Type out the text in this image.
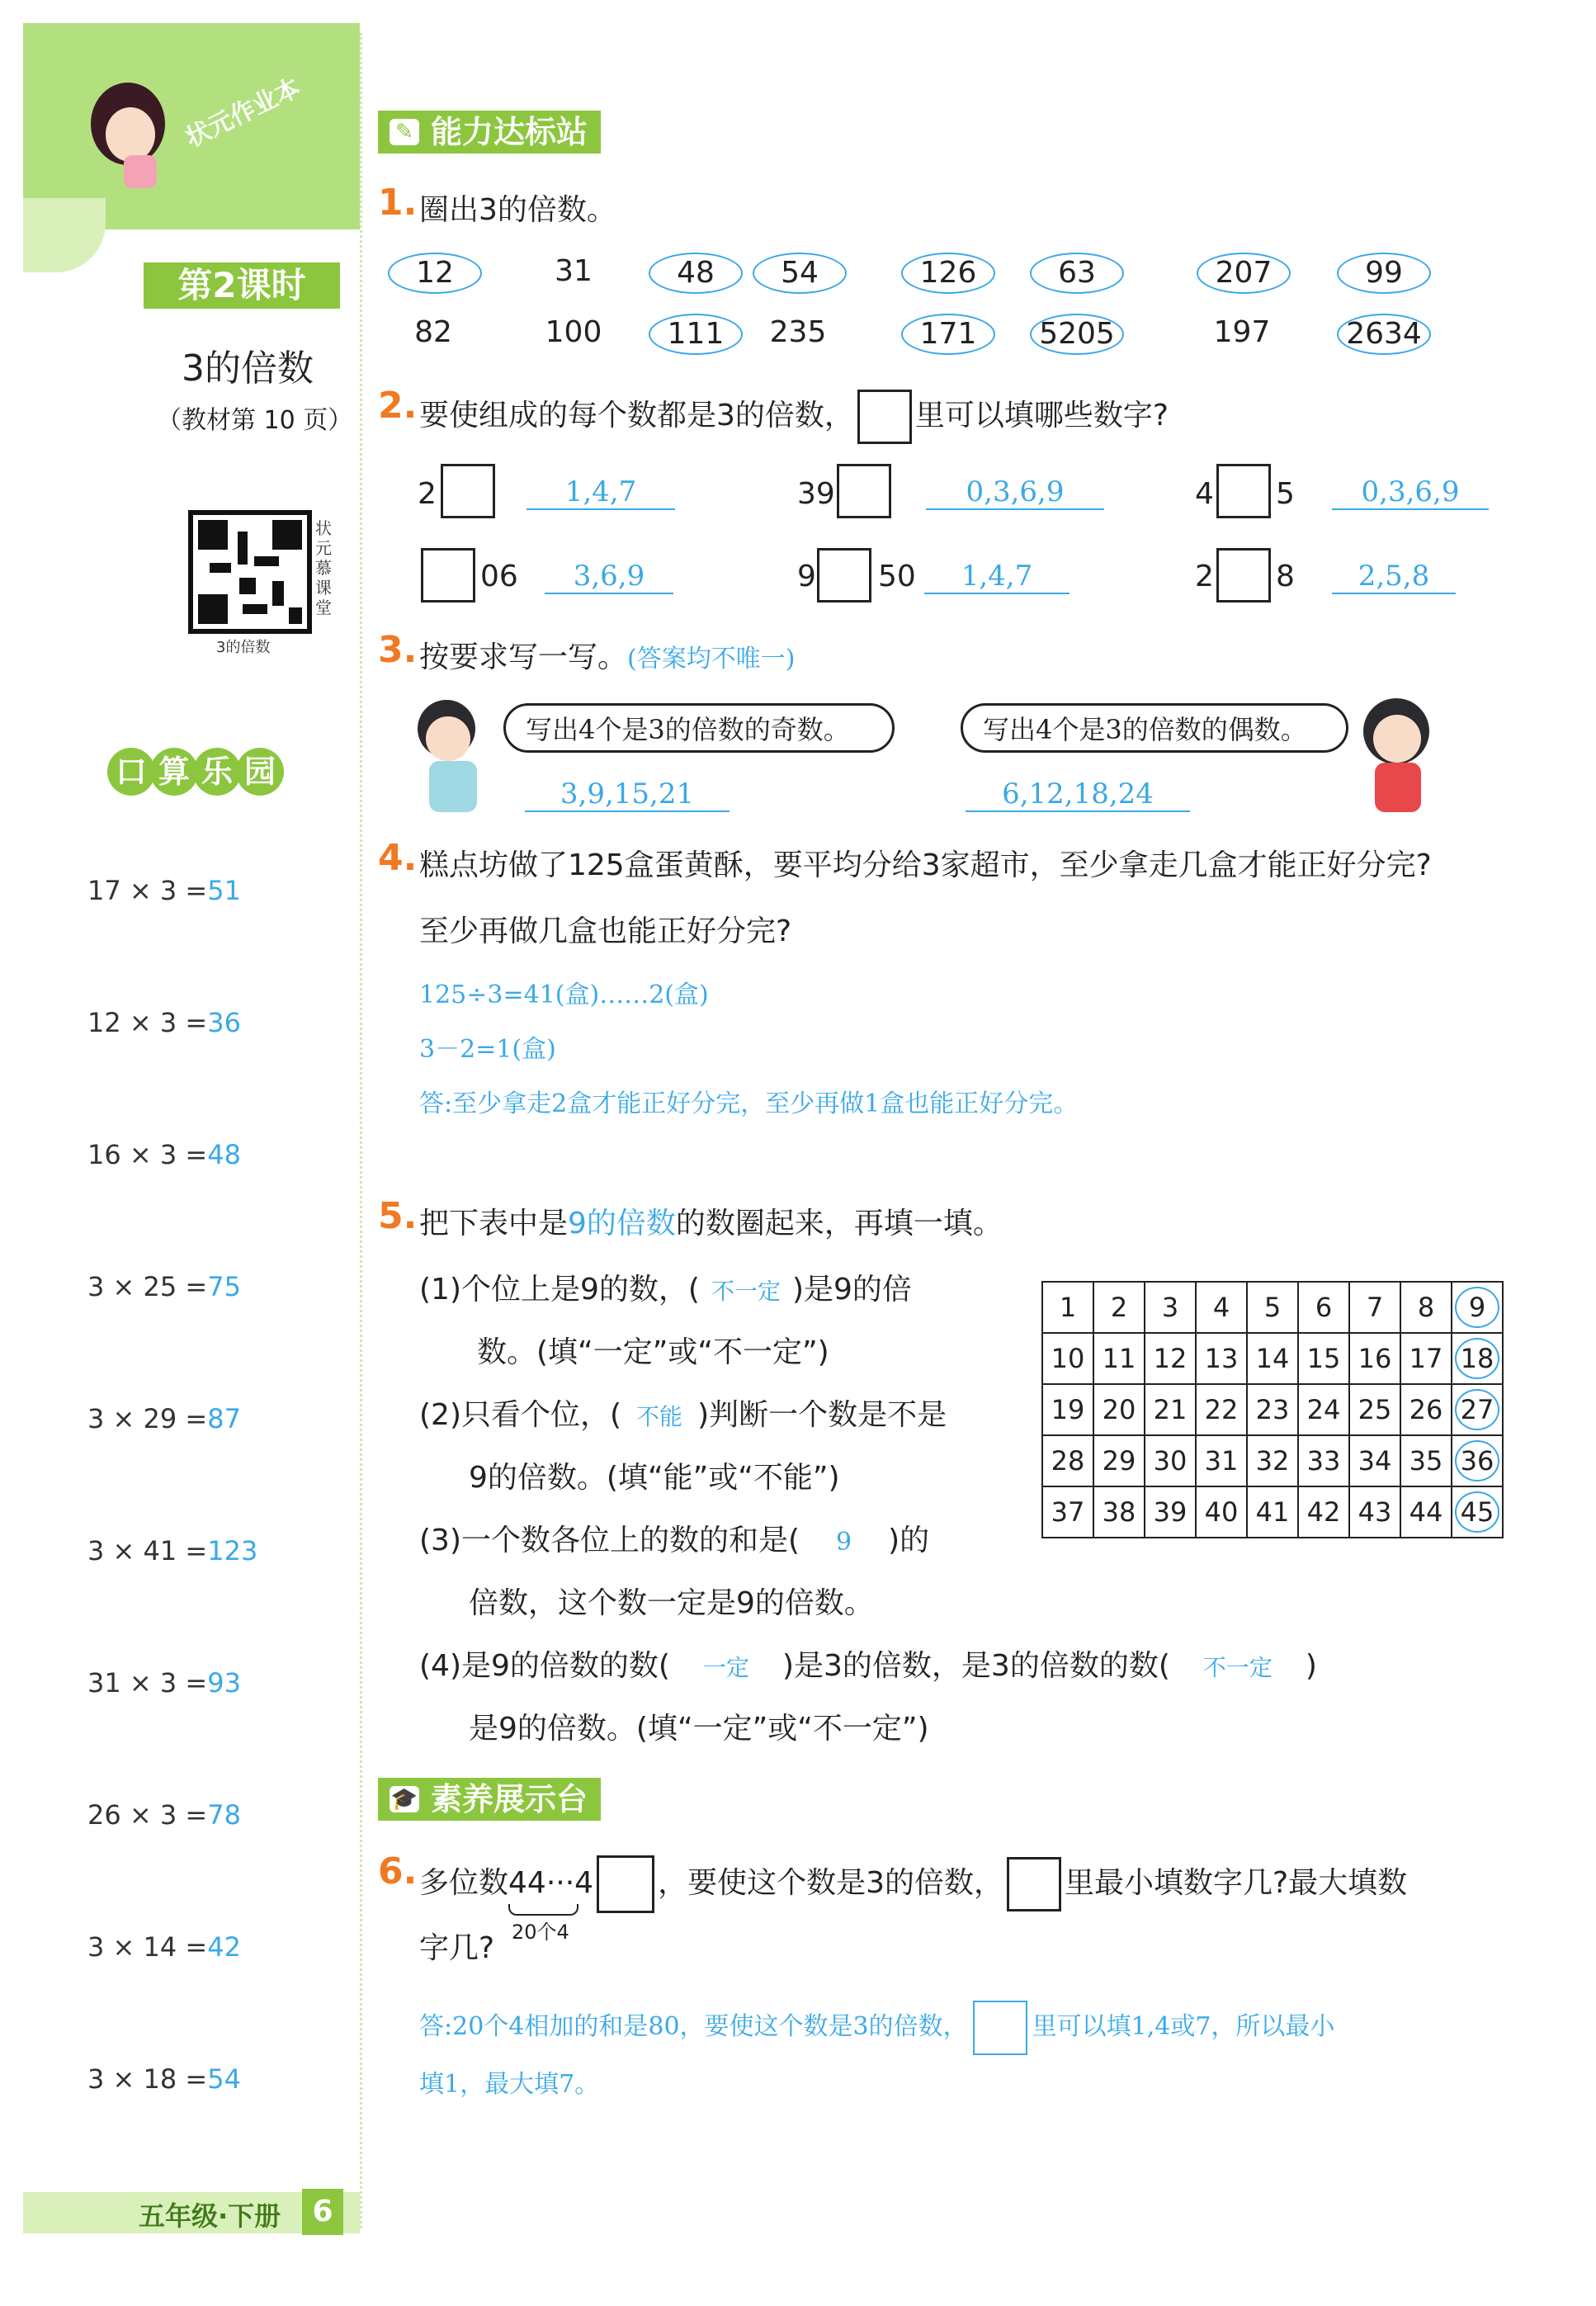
状元作业本
第2课时
3的倍数
（教材第 10 页）
状元慕课堂
3的倍数
口 算 乐 园
17 × 3 =51
12 × 3 =36
16 × 3 =48
3 × 25 =75
3 × 29 =87
3 × 41 =123
31 × 3 =93
26 × 3 =78
3 × 14 =42
3 × 18 =54
五年级·下册	6
✎ 能力达标站
1. 圈出3的倍数。
2. 要使组成的每个数都是3的倍数， 里可以填哪些数字?
2	1,4,7	39	0,3,6,9	4 5	0,3,6,9
06	3,6,9	9 50	1,4,7	2 8	2,5,8
3. 按要求写一写。(答案均不唯一)
写出4个是3的倍数的奇数。
3,9,15,21
写出4个是3的倍数的偶数。
6,12,18,24
4. 糕点坊做了125盒蛋黄酥，要平均分给3家超市，至少拿走几盒才能正好分完?
至少再做几盒也能正好分完?
125÷3=41(盒)……2(盒)
3－2=1(盒)
答:至少拿走2盒才能正好分完，至少再做1盒也能正好分完。
5. 把下表中是9的倍数的数圈起来，再填一填。
(1)个位上是9的数，( 不一定 )是9的倍
数。(填“一定”或“不一定”)
(2)只看个位，( 不能 )判断一个数是不是
9的倍数。(填“能”或“不能”)
(3)一个数各位上的数的和是( 9 )的
倍数，这个数一定是9的倍数。
(4)是9的倍数的数( 一定 )是3的倍数，是3的倍数的数( 不一定 )
是9的倍数。(填“一定”或“不一定”)
1	2	3	4	5	6	7	8	9
10	11	12	13	14	15	16	17	18
19	20	21	22	23	24	25	26	27
28	29	30	31	32	33	34	35	36
37	38	39	40	41	42	43	44	45
🎓 素养展示台
6. 多位数44···4
20个4
，要使这个数是3的倍数， 里最小填数字几?最大填数
字几?
答:20个4相加的和是80，要使这个数是3的倍数，	里可以填1,4或7，所以最小
填1，最大填7。
12	31	48	54	126	63	207	99
82	100	111	235	171	5205	197	2634
